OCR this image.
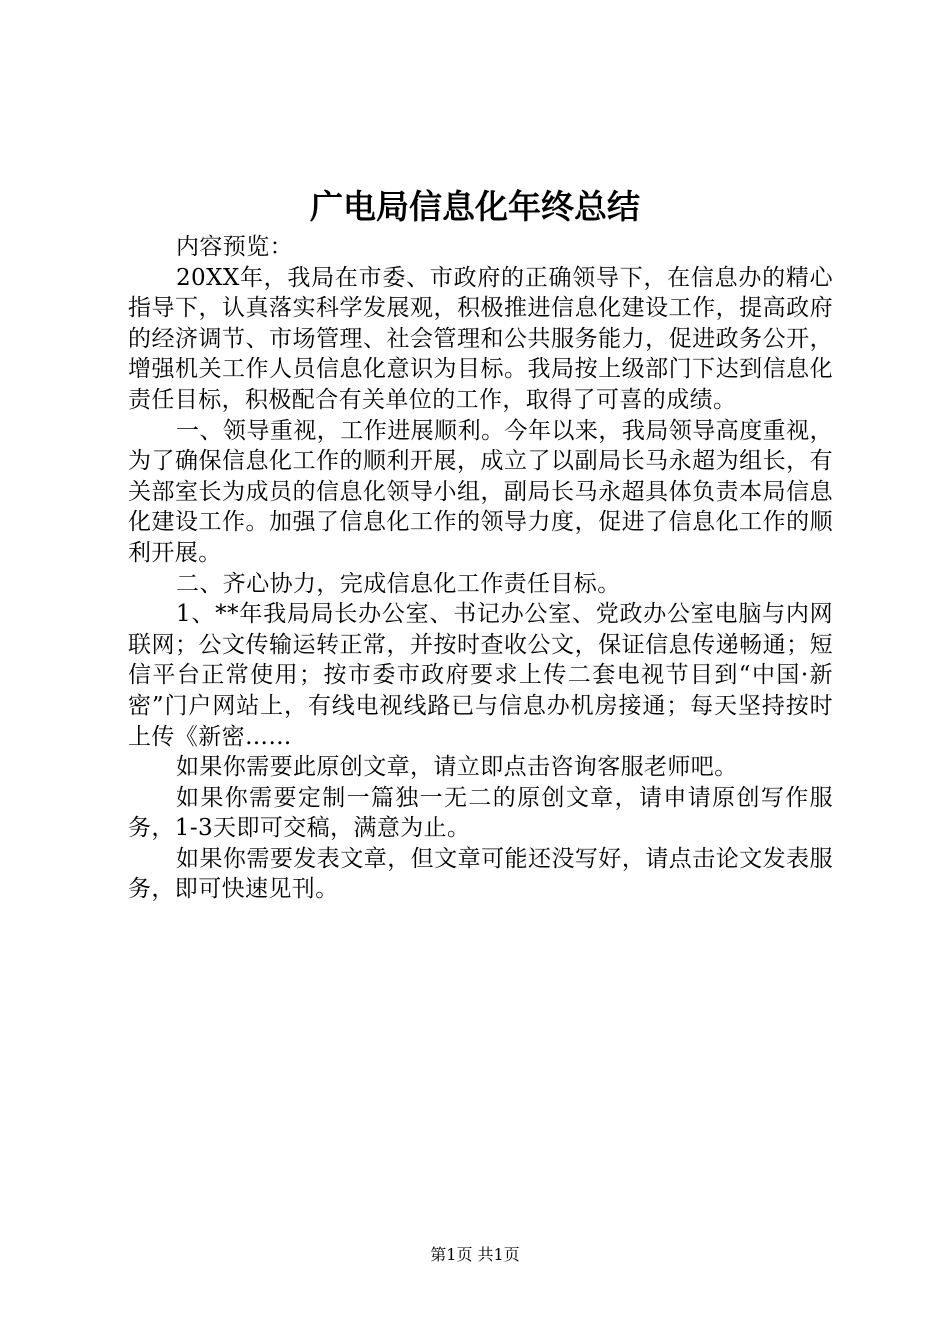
广电局信息化年终总结

内容预览：

20XX年，我局在市委、市政府的正确领导下，在信息办的精心指导下，认真落实科学发展观，积极推进信息化建设工作，提高政府的经济调节、市场管理、社会管理和公共服务能力，促进政务公开，增强机关工作人员信息化意识为目标。我局按上级部门下达到信息化责任目标，积极配合有关单位的工作，取得了可喜的成绩。

一、领导重视，工作进展顺利。今年以来，我局领导高度重视，为了确保信息化工作的顺利开展，成立了以副局长马永超为组长，有关部室长为成员的信息化领导小组，副局长马永超具体负责本局信息化建设工作。加强了信息化工作的领导力度，促进了信息化工作的顺利开展。

二、齐心协力，完成信息化工作责任目标。

1、**年我局局长办公室、书记办公室、党政办公室电脑与内网联网；公文传输运转正常，并按时查收公文，保证信息传递畅通；短信平台正常使用；按市委市政府要求上传二套电视节目到“中国·新密”门户网站上，有线电视线路已与信息办机房接通；每天坚持按时上传《新密……

如果你需要此原创文章，请立即点击咨询客服老师吧。

如果你需要定制一篇独一无二的原创文章，请申请原创写作服务，1-3天即可交稿，满意为止。

如果你需要发表文章，但文章可能还没写好，请点击论文发表服务，即可快速见刊。

第1页 共1页
